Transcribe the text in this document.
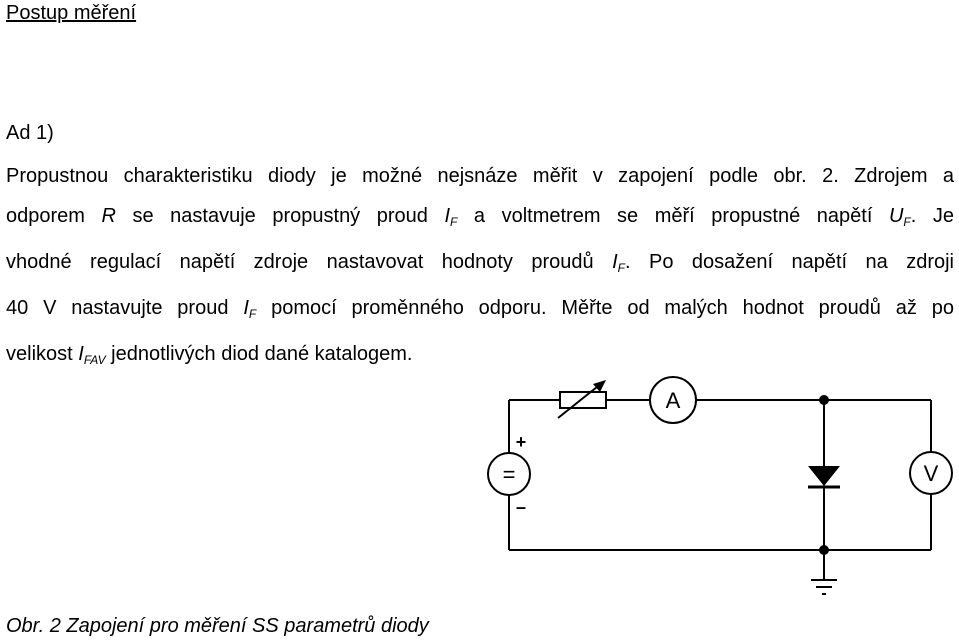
Postup měření
Ad 1)
Propustnou charakteristiku diody je možné nejsnáze měřit v zapojení podle obr. 2. Zdrojem a
odporem R se nastavuje propustný proud $I_F$ a voltmetrem se měří propustné napětí $U_F$. Je
vhodné regulací napětí zdroje nastavovat hodnoty proudů $I_F$. Po dosažení napětí na zdroji
40 V nastavujte proud $I_F$ pomocí proměnného odporu. Měřte od malých hodnot proudů až po
velikost $I_{FAV}$ jednotlivých diod dané katalogem.
A
V
=
+
–
Obr. 2 Zapojení pro měření SS parametrů diody
